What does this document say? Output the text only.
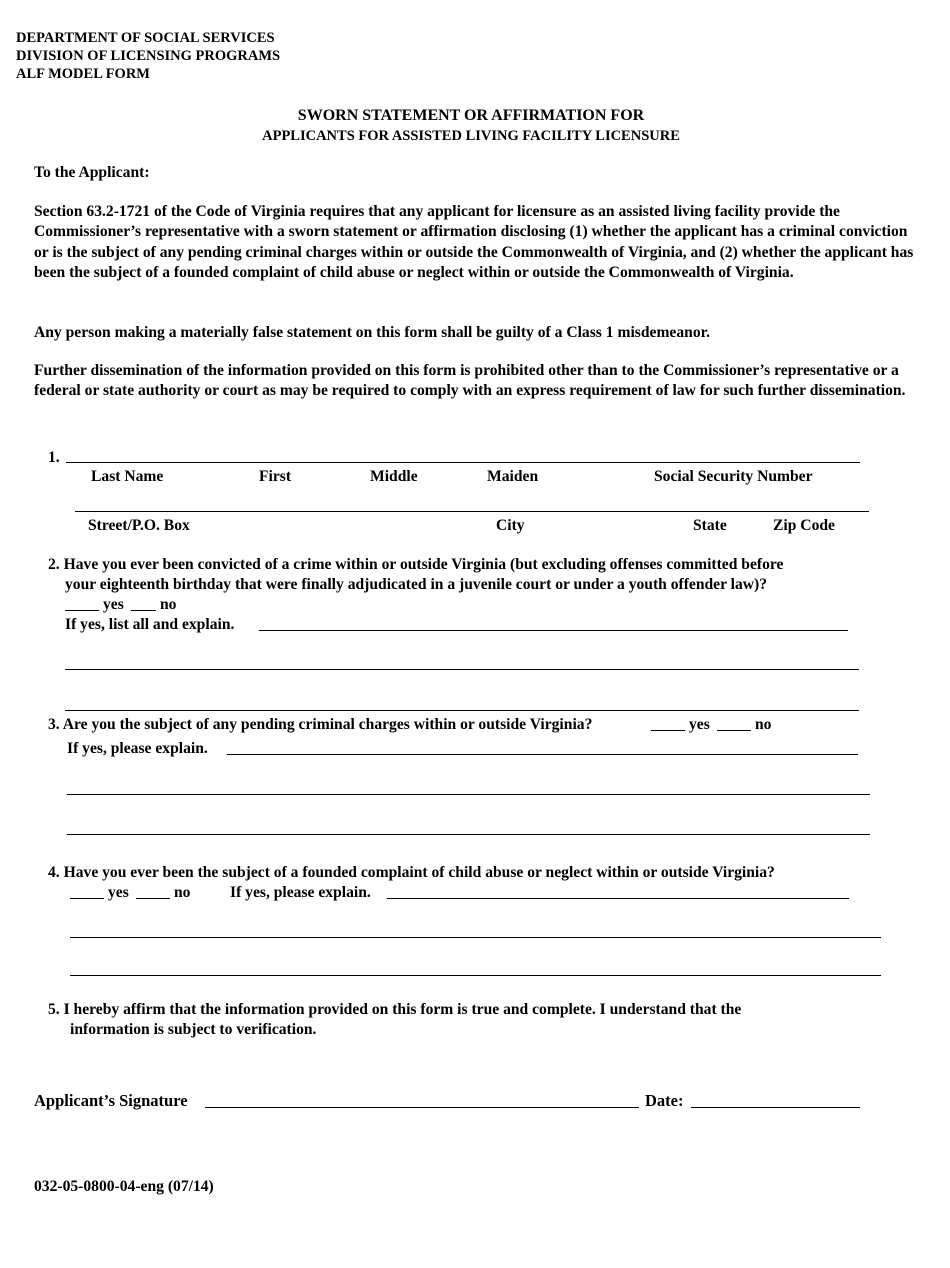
DEPARTMENT OF SOCIAL SERVICES
DIVISION OF LICENSING PROGRAMS
ALF MODEL FORM
SWORN STATEMENT OR AFFIRMATION FOR
APPLICANTS FOR ASSISTED LIVING FACILITY LICENSURE
To the Applicant:
Section 63.2-1721 of the Code of Virginia requires that any applicant for licensure as an assisted living facility provide the Commissioner’s representative with a sworn statement or affirmation disclosing (1) whether the applicant has a criminal conviction or is the subject of any pending criminal charges within or outside the Commonwealth of Virginia, and (2) whether the applicant has been the subject of a founded complaint of child abuse or neglect within or outside the Commonwealth of Virginia.
Any person making a materially false statement on this form shall be guilty of a Class 1 misdemeanor.
Further dissemination of the information provided on this form is prohibited other than to the Commissioner’s representative or a federal or state authority or court as may be required to comply with an express requirement of law for such further dissemination.
1.
Last Name	First	Middle	Maiden	Social Security Number
Street/P.O. Box	City	State	Zip Code
2. Have you ever been convicted of a crime within or outside Virginia (but excluding offenses committed before
your eighteenth birthday that were finally adjudicated in a juvenile court or under a youth offender law)?
yes no
If yes, list all and explain.
3. Are you the subject of any pending criminal charges within or outside Virginia?	yes	no
If yes, please explain.
4. Have you ever been the subject of a founded complaint of child abuse or neglect within or outside Virginia?
yes	no	If yes, please explain.
5. I hereby affirm that the information provided on this form is true and complete. I understand that the
information is subject to verification.
Applicant’s Signature	Date:
032-05-0800-04-eng (07/14)
